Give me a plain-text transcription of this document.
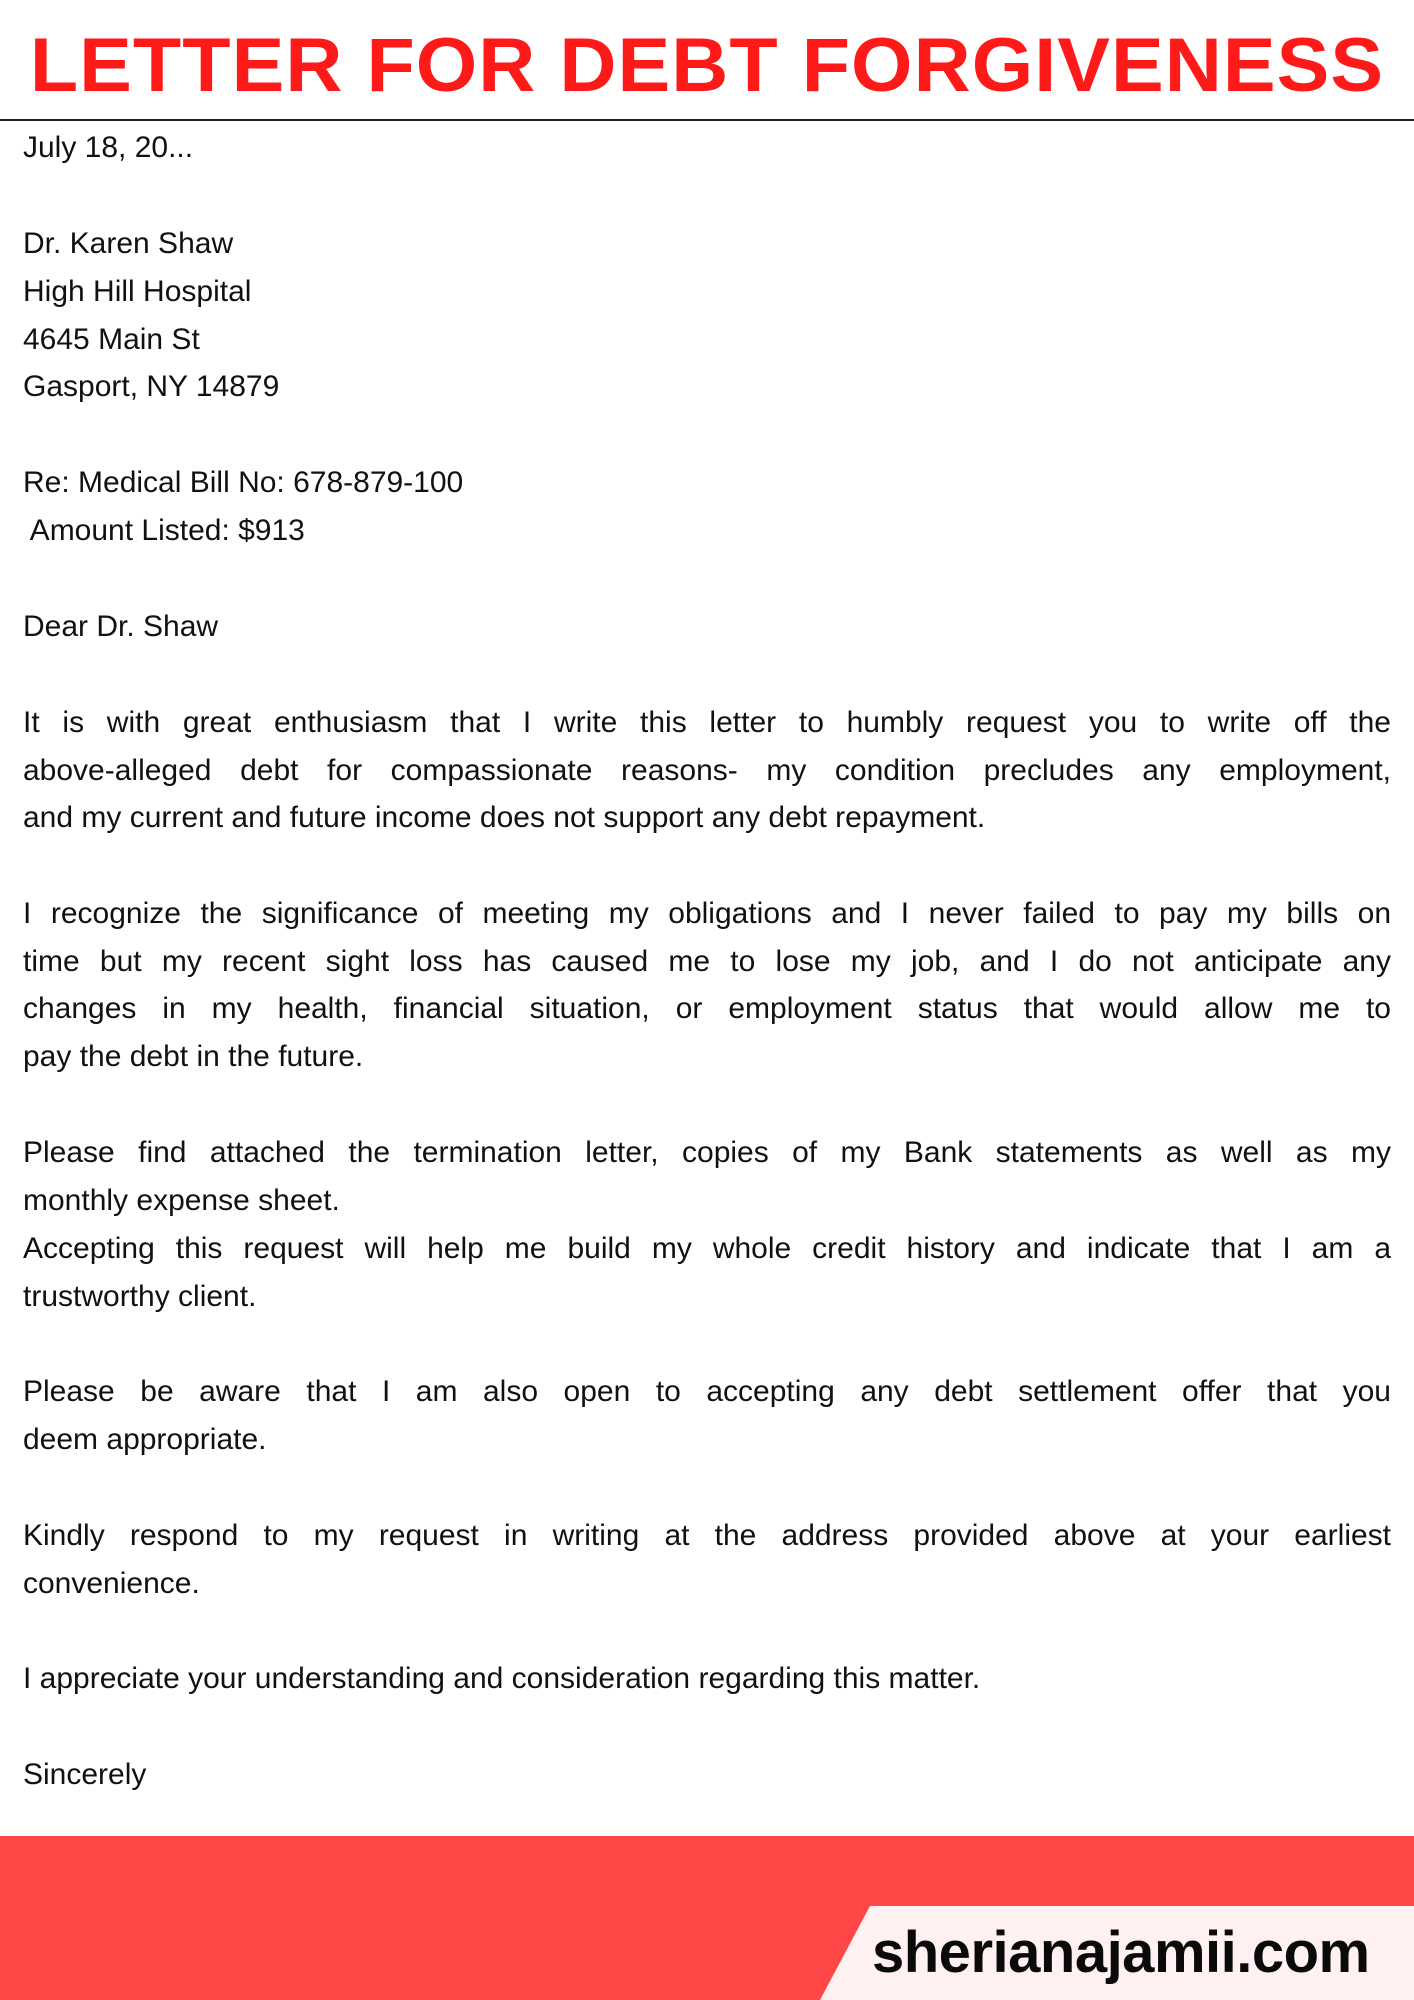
LETTER FOR DEBT FORGIVENESS
July 18, 20...
Dr. Karen Shaw
High Hill Hospital
4645 Main St
Gasport, NY 14879
Re: Medical Bill No: 678-879-100
Amount Listed: $913
Dear Dr. Shaw
It is with great enthusiasm that I write this letter to humbly request you to write off the
above-alleged debt for compassionate reasons- my condition precludes any employment,
and my current and future income does not support any debt repayment.
I recognize the significance of meeting my obligations and I never failed to pay my bills on
time but my recent sight loss has caused me to lose my job, and I do not anticipate any
changes in my health, financial situation, or employment status that would allow me to
pay the debt in the future.
Please find attached the termination letter, copies of my Bank statements as well as my
monthly expense sheet.
Accepting this request will help me build my whole credit history and indicate that I am a
trustworthy client.
Please be aware that I am also open to accepting any debt settlement offer that you
deem appropriate.
Kindly respond to my request in writing at the address provided above at your earliest
convenience.
I appreciate your understanding and consideration regarding this matter.
Sincerely
sherianajamii.com
